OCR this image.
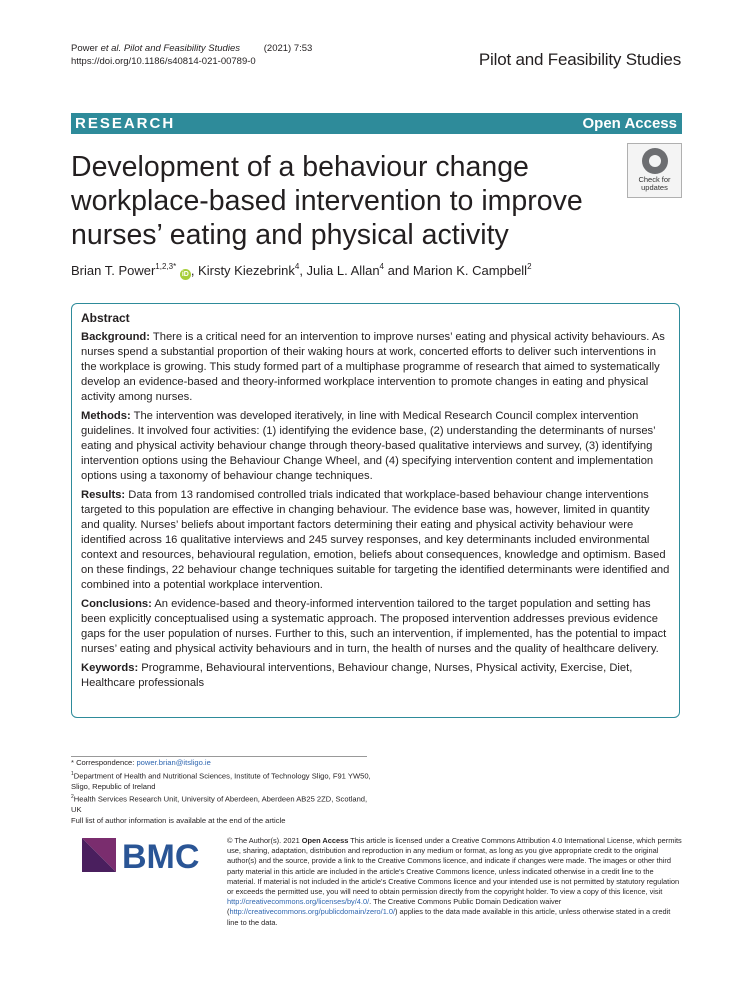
Power et al. Pilot and Feasibility Studies	(2021) 7:53
https://doi.org/10.1186/s40814-021-00789-0	Pilot and Feasibility Studies
RESEARCH	Open Access
Development of a behaviour change workplace-based intervention to improve nurses’ eating and physical activity
Check for
updates
Brian T. Power$^{1,2,3*}$ iD , Kirsty Kiezebrink$^4$, Julia L. Allan$^4$ and Marion K. Campbell$^2$
Abstract

Background: There is a critical need for an intervention to improve nurses’ eating and physical activity behaviours. As nurses spend a substantial proportion of their waking hours at work, concerted efforts to deliver such interventions in the workplace is growing. This study formed part of a multiphase programme of research that aimed to systematically develop an evidence-based and theory-informed workplace intervention to promote changes in eating and physical activity among nurses.

Methods: The intervention was developed iteratively, in line with Medical Research Council complex intervention guidelines. It involved four activities: (1) identifying the evidence base, (2) understanding the determinants of nurses’ eating and physical activity behaviour change through theory-based qualitative interviews and survey, (3) identifying intervention options using the Behaviour Change Wheel, and (4) specifying intervention content and implementation options using a taxonomy of behaviour change techniques.

Results: Data from 13 randomised controlled trials indicated that workplace-based behaviour change interventions targeted to this population are effective in changing behaviour. The evidence base was, however, limited in quantity and quality. Nurses’ beliefs about important factors determining their eating and physical activity behaviour were identified across 16 qualitative interviews and 245 survey responses, and key determinants included environmental context and resources, behavioural regulation, emotion, beliefs about consequences, knowledge and optimism. Based on these findings, 22 behaviour change techniques suitable for targeting the identified determinants were identified and combined into a potential workplace intervention.

Conclusions: An evidence-based and theory-informed intervention tailored to the target population and setting has been explicitly conceptualised using a systematic approach. The proposed intervention addresses previous evidence gaps for the user population of nurses. Further to this, such an intervention, if implemented, has the potential to impact nurses’ eating and physical activity behaviours and in turn, the health of nurses and the quality of healthcare delivery.

Keywords: Programme, Behavioural interventions, Behaviour change, Nurses, Physical activity, Exercise, Diet, Healthcare professionals

* Correspondence: power.brian@itsligo.ie
$^1$Department of Health and Nutritional Sciences, Institute of Technology Sligo, F91 YW50, Sligo, Republic of Ireland
$^2$Health Services Research Unit, University of Aberdeen, Aberdeen AB25 2ZD, Scotland, UK
Full list of author information is available at the end of the article
BMC	© The Author(s). 2021 Open Access This article is licensed under a Creative Commons Attribution 4.0 International License, which permits use, sharing, adaptation, distribution and reproduction in any medium or format, as long as you give appropriate credit to the original author(s) and the source, provide a link to the Creative Commons licence, and indicate if changes were made. The images or other third party material in this article are included in the article's Creative Commons licence, unless indicated otherwise in a credit line to the material. If material is not included in the article's Creative Commons licence and your intended use is not permitted by statutory regulation or exceeds the permitted use, you will need to obtain permission directly from the copyright holder. To view a copy of this licence, visit http://creativecommons.org/licenses/by/4.0/. The Creative Commons Public Domain Dedication waiver (http://creativecommons.org/publicdomain/zero/1.0/) applies to the data made available in this article, unless otherwise stated in a credit line to the data.
